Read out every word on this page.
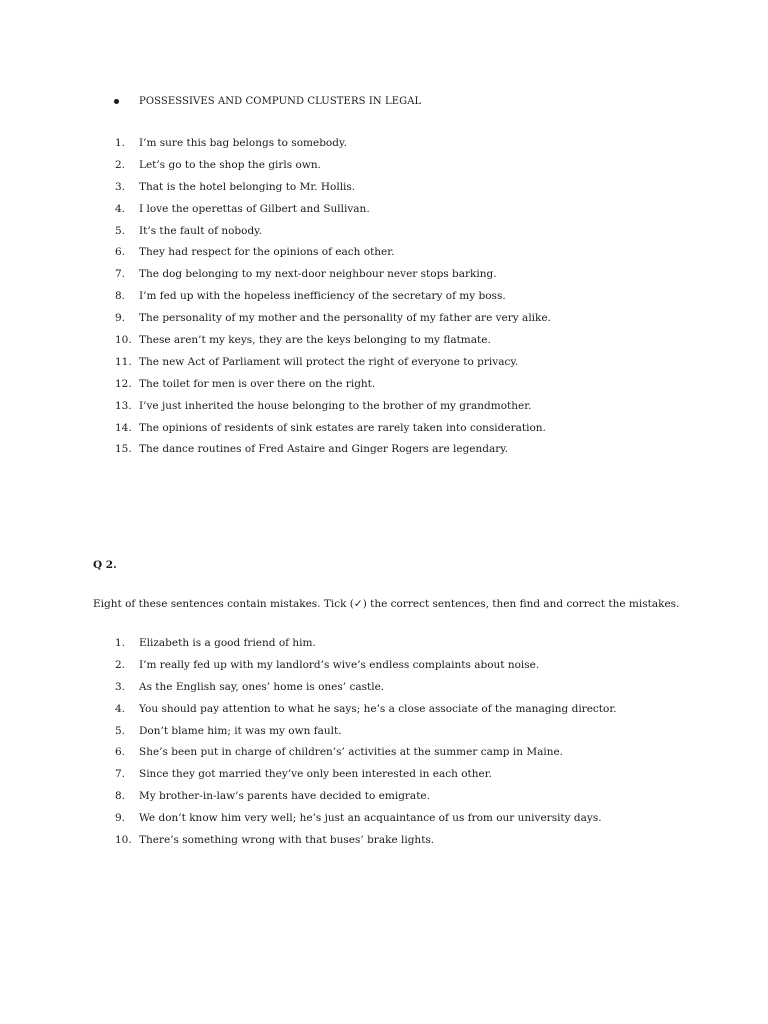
POSSESSIVES AND COMPUND CLUSTERS IN LEGAL
1.	I’m sure this bag belongs to somebody.
2.	Let’s go to the shop the girls own.
3.	That is the hotel belonging to Mr. Hollis.
4.	I love the operettas of Gilbert and Sullivan.
5.	It’s the fault of nobody.
6.	They had respect for the opinions of each other.
7.	The dog belonging to my next-door neighbour never stops barking.
8.	I’m fed up with the hopeless inefficiency of the secretary of my boss.
9.	The personality of my mother and the personality of my father are very alike.
10. These aren’t my keys, they are the keys belonging to my flatmate.
11. The new Act of Parliament will protect the right of everyone to privacy.
12. The toilet for men is over there on the right.
13. I’ve just inherited the house belonging to the brother of my grandmother.
14. The opinions of residents of sink estates are rarely taken into consideration.
15. The dance routines of Fred Astaire and Ginger Rogers are legendary.
Q 2.
Eight of these sentences contain mistakes. Tick (✓) the correct sentences, then find and correct the mistakes.
1.	Elizabeth is a good friend of him.
2.	I’m really fed up with my landlord’s wive’s endless complaints about noise.
3.	As the English say, ones’ home is ones’ castle.
4.	You should pay attention to what he says; he’s a close associate of the managing director.
5.	Don’t blame him; it was my own fault.
6.	She’s been put in charge of children’s’ activities at the summer camp in Maine.
7.	Since they got married they’ve only been interested in each other.
8.	My brother-in-law’s parents have decided to emigrate.
9.	We don’t know him very well; he’s just an acquaintance of us from our university days.
10. There’s something wrong with that buses’ brake lights.
